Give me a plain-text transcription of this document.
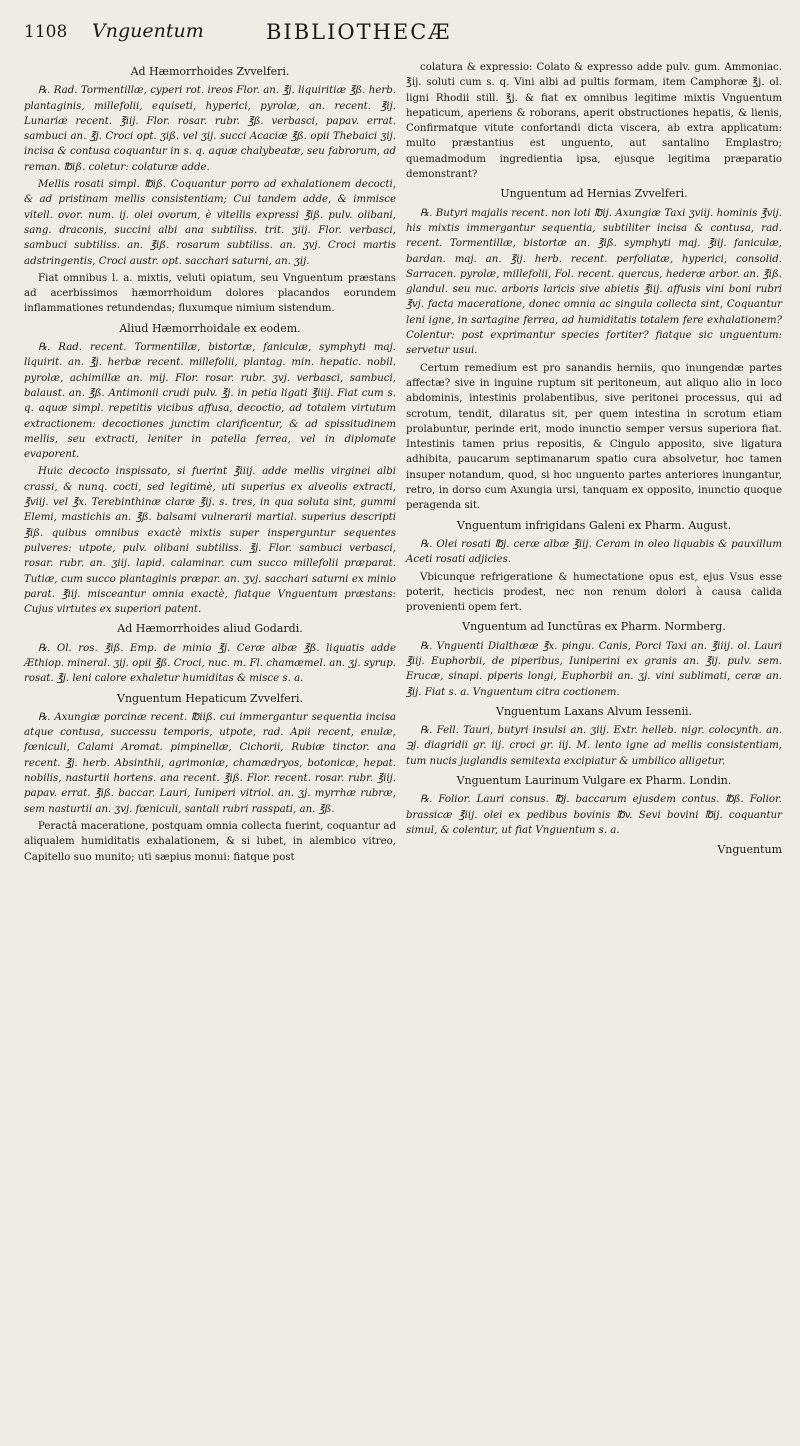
1108 Vnguentum	BIBLIOTHECÆ
Ad Hæmorrhoides Zvvelferi.

℞. Rad. Tormentillæ, cyperi rot. ireos Flor. an. ℥j. liquiritiæ ℥ß. herb. plantaginis, millefolii, equiseti, hyperici, pyrolæ, an. recent. ℥ij. Lunariæ recent. ℥iij. Flor. rosar. rubr. ℥ß. verbasci, papav. errat. sambuci an. ℥j. Croci opt. ʒiß. vel ʒij. succi Acaciæ ℥ß. opii Thebaici ʒij. incisa & contusa coquantur in s. q. aquæ chalybeatæ, seu fabrorum, ad reman. ℔iß. coletur: colaturæ adde.

Mellis rosati simpl. ℔iß. Coquantur porro ad exhalationem decocti, & ad pristinam mellis consistentiam; Cui tandem adde, & immisce vitell. ovor. num. ij. olei ovorum, è vitellis expressi ℥iß. pulv. olibani, sang. draconis, succini albi ana subtiliss. trit. ʒiij. Flor. verbasci, sambuci subtiliss. an. ℥iß. rosarum subtiliss. an. ʒvj. Croci martis adstringentis, Croci austr. opt. sacchari saturni, an. ʒij.

Fiat omnibus l. a. mixtis, veluti opiatum, seu Vnguentum præstans ad acerbissimos hæmorrhoidum dolores placandos eorundem inflammationes retundendas; fluxumque nimium sistendum.

Aliud Hæmorrhoidale ex eodem.

℞. Rad. recent. Tormentillæ, bistortæ, faniculæ, symphyti maj. liquirit. an. ℥j. herbæ recent. millefolii, plantag. min. hepatic. nobil. pyrolæ, achimillæ an. mij. Flor. rosar. rubr. ʒvj. verbasci, sambuci, balaust. an. ℥ß. Antimonii crudi pulv. ℥j. in petia ligati ℥iiij. Fiat cum s. q. aquæ simpl. repetitis vicibus affusa, decoctio, ad totalem virtutum extractionem: decoctiones junctim clarificentur, & ad spissitudinem mellis, seu extracti, leniter in patella ferrea, vel in diplomate evaporent.

Huic decocto inspissato, si fuerint ℥iiij. adde mellis virginei albi crassi, & nunq. cocti, sed legitimè, uti superius ex alveolis extracti, ℥viij. vel ℥x. Terebinthinæ claræ ℥ij. s. tres, in qua soluta sint, gummi Elemi, mastichis an. ℥ß. balsami vulnerarii martial. superius descripti ℥iß. quibus omnibus exactè mixtis super insperguntur sequentes pulveres: utpote, pulv. olibani subtiliss. ℥j. Flor. sambuci verbasci, rosar. rubr. an. ʒiij. lapid. calaminar. cum succo millefolii præparat. Tutiæ, cum succo plantaginis præpar. an. ʒvj. sacchari saturni ex minio parat. ℥iij. misceantur omnia exactè, fiatque Vnguentum præstans: Cujus virtutes ex superiori patent.

Ad Hæmorrhoides aliud Godardi.

℞. Ol. ros. ℥iß. Emp. de minio ℥j. Ceræ albæ ℥ß. liquatis adde Æthiop. mineral. ʒij. opii ℥ß. Croci, nuc. m. Fl. chamæmel. an. ʒj. syrup. rosat. ℥j. leni calore exhaletur humiditas & misce s. a.

Vnguentum Hepaticum Zvvelferi.

℞. Axungiæ porcinæ recent. ℔iiß. cui immergantur sequentia incisa atque contusa, successu temporis, utpote, rad. Apii recent, enulæ, fœniculi, Calami Aromat. pimpinellæ, Cichorii, Rubiæ tinctor. ana recent. ℥j. herb. Absinthii, agrimoniæ, chamædryos, botonicæ, hepat. nobilis, nasturtii hortens. ana recent. ℥iß. Flor. recent. rosar. rubr. ℥iij. papav. errat. ℥iß. baccar. Lauri, Iuniperi vitriol. an. ʒj. myrrhæ rubræ, sem nasturtii an. ʒvj. fœniculi, santali rubri rasspati, an. ℥ß.

Peractâ maceratione, postquam omnia collecta fuerint, coquantur ad aliqualem humiditatis exhalationem, & si lubet, in alembico vitreo, Capitello suo munito; uti sæpius monui: fiatque post

colatura & expressio: Colato & expresso adde pulv. gum. Ammoniac. ℥ij. soluti cum s. q. Vini albi ad pultis formam, item Camphoræ ℥j. ol. ligni Rhodii still. ℥j. & fiat ex omnibus legitime mixtis Vnguentum hepaticum, aperiens & roborans, aperit obstructiones hepatis, & lienis, Confirmatque vitute confortandi dicta viscera, ab extra applicatum: multo præstantius est unguento, aut santalino Emplastro; quemadmodum ingredientia ipsa, ejusque legitima præparatio demonstrant?

Unguentum ad Hernias Zvvelferi.

℞. Butyri majalis recent. non loti ℔ij. Axungiæ Taxi ʒviij. hominis ℥vij. his mixtis immergantur sequentia, subtiliter incisa & contusa, rad. recent. Tormentillæ, bistortæ an. ℥iß. symphyti maj. ℥iij. faniculæ, bardan. maj. an. ℥ij. herb. recent. perfoliatæ, hyperici, consolid. Sarracen. pyrolæ, millefolii, Fol. recent. quercus, hederæ arbor. an. ℥iß. glandul. seu nuc. arboris laricis sive abietis ℥iij. affusis vini boni rubri ℥vj. facta maceratione, donec omnia ac singula collecta sint, Coquantur leni igne, in sartagine ferrea, ad humiditatis totalem fere exhalationem? Colentur: post exprimantur species fortiter? fiatque sic unguentum: servetur usui.

Certum remedium est pro sanandis herniis, quo inungendæ partes affectæ? sive in inguine ruptum sit peritoneum, aut aliquo alio in loco abdominis, intestinis prolabentibus, sive peritonei processus, qui ad scrotum, tendit, dilaratus sit, per quem intestina in scrotum etiam prolabuntur, perinde erit, modo inunctio semper versus superiora fiat. Intestinis tamen prius repositis, & Cingulo apposito, sive ligatura adhibita, paucarum septimanarum spatio cura absolvetur, hoc tamen insuper notandum, quod, si hoc unguento partes anteriores inungantur, retro, in dorso cum Axungia ursi, tanquam ex opposito, inunctio quoque peragenda sit.

Vnguentum infrigidans Galeni ex Pharm. August.

℞. Olei rosati ℔j. ceræ albæ ℥iij. Ceram in oleo liquabis & pauxillum Aceti rosati adjicies.

Vbicunque refrigeratione & humectatione opus est, ejus Vsus esse poterit, hecticis prodest, nec non renum dolori à causa calida provenienti opem fert.

Vnguentum ad Iunctūras ex Pharm. Normberg.

℞. Vnguenti Dialthææ ℥x. pingu. Canis, Porci Taxi an. ℥iiij. ol. Lauri ℥iij. Euphorbii, de piperibus, Iuniperini ex granis an. ℥ij. pulv. sem. Erucæ, sinapi. piperis longi, Euphorbii an. ʒj. vini sublimati, ceræ an. ℥ij. Fiat s. a. Vnguentum citra coctionem.

Vnguentum Laxans Alvum Iessenii.

℞. Fell. Tauri, butyri insulsi an. ʒiij. Extr. helleb. nigr. colocynth. an. ℈j. diagridii gr. iij. croci gr. iij. M. lento igne ad mellis consistentiam, tum nucis juglandis semitexta excipiatur & umbilico alligetur.

Vnguentum Laurinum Vulgare ex Pharm. Londin.

℞. Folior. Lauri consus. ℔j. baccarum ejusdem contus. ℔ß. Folior. brassicæ ℥iij. olei ex pedibus bovinis ℔v. Sevi bovini ℔ij. coquantur simul, & colentur, ut fiat Vnguentum s. a.

Vnguentum
